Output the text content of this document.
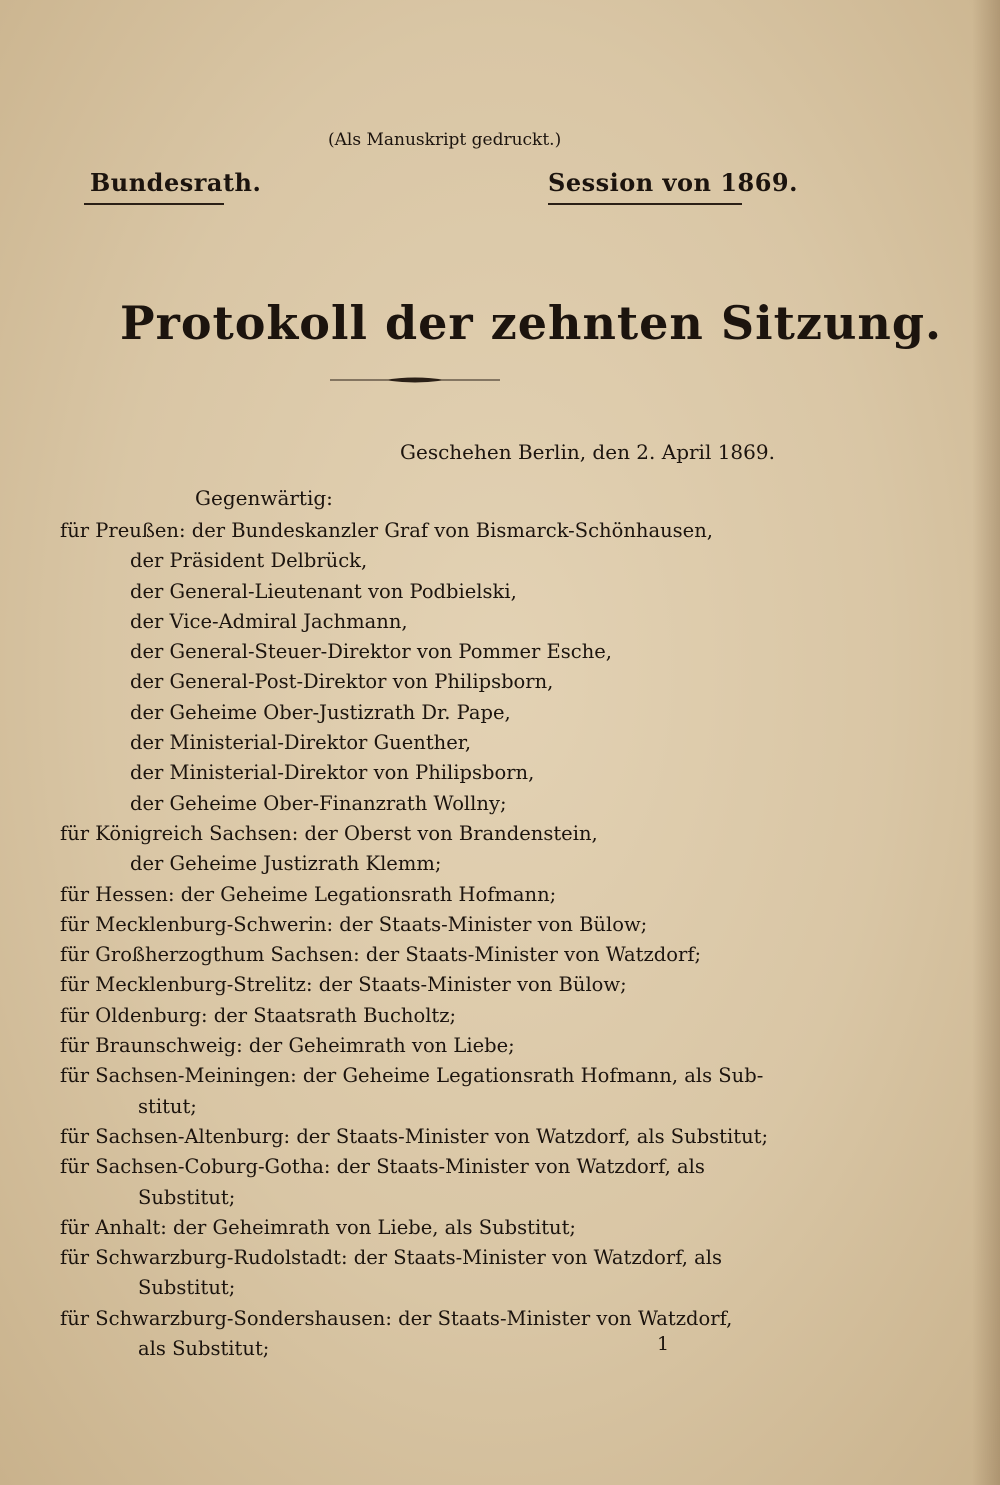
(Als Manuskript gedruckt.)
Bundesrath.	Session von 1869.
Protokoll der zehnten Sitzung.
Geschehen Berlin, den 2. April 1869.
Gegenwärtig:
für Preußen: der Bundeskanzler Graf von Bismarck-Schönhausen,
der Präsident Delbrück,
der General-Lieutenant von Podbielski,
der Vice-Admiral Jachmann,
der General-Steuer-Direktor von Pommer Esche,
der General-Post-Direktor von Philipsborn,
der Geheime Ober-Justizrath Dr. Pape,
der Ministerial-Direktor Guenther,
der Ministerial-Direktor von Philipsborn,
der Geheime Ober-Finanzrath Wollny;
für Königreich Sachsen: der Oberst von Brandenstein,
der Geheime Justizrath Klemm;
für Hessen: der Geheime Legationsrath Hofmann;
für Mecklenburg-Schwerin: der Staats-Minister von Bülow;
für Großherzogthum Sachsen: der Staats-Minister von Watzdorf;
für Mecklenburg-Strelitz: der Staats-Minister von Bülow;
für Oldenburg: der Staatsrath Bucholtz;
für Braunschweig: der Geheimrath von Liebe;
für Sachsen-Meiningen: der Geheime Legationsrath Hofmann, als Sub-
stitut;
für Sachsen-Altenburg: der Staats-Minister von Watzdorf, als Substitut;
für Sachsen-Coburg-Gotha: der Staats-Minister von Watzdorf, als
Substitut;
für Anhalt: der Geheimrath von Liebe, als Substitut;
für Schwarzburg-Rudolstadt: der Staats-Minister von Watzdorf, als
Substitut;
für Schwarzburg-Sondershausen: der Staats-Minister von Watzdorf,
als Substitut;	1
